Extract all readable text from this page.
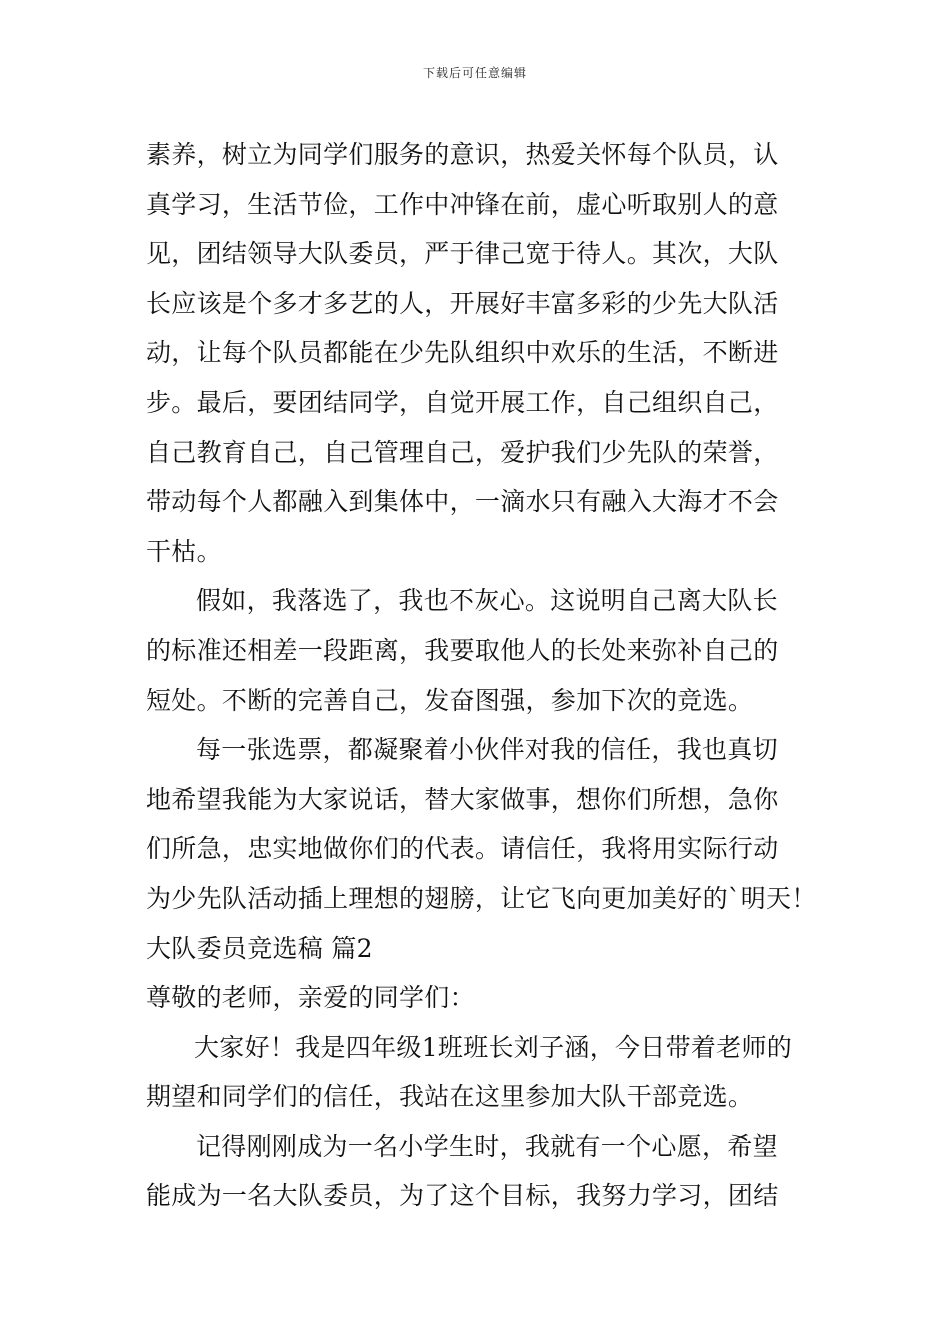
下载后可任意编辑
素养，树立为同学们服务的意识，热爱关怀每个队员，认
真学习，生活节俭，工作中冲锋在前，虚心听取别人的意
见，团结领导大队委员，严于律己宽于待人。其次，大队
长应该是个多才多艺的人，开展好丰富多彩的少先大队活
动，让每个队员都能在少先队组织中欢乐的生活，不断进
步。最后，要团结同学，自觉开展工作，自己组织自己，
自己教育自己，自己管理自己，爱护我们少先队的荣誉，
带动每个人都融入到集体中，一滴水只有融入大海才不会
干枯。
假如，我落选了，我也不灰心。这说明自己离大队长
的标准还相差一段距离，我要取他人的长处来弥补自己的
短处。不断的完善自己，发奋图强，参加下次的竞选。
每一张选票，都凝聚着小伙伴对我的信任，我也真切
地希望我能为大家说话，替大家做事，想你们所想，急你
们所急，忠实地做你们的代表。请信任，我将用实际行动
为少先队活动插上理想的翅膀，让它飞向更加美好的`明天！
大队委员竞选稿 篇2
尊敬的老师，亲爱的同学们：
大家好！我是四年级1班班长刘子涵，今日带着老师的
期望和同学们的信任，我站在这里参加大队干部竞选。
记得刚刚成为一名小学生时，我就有一个心愿，希望
能成为一名大队委员，为了这个目标，我努力学习，团结
